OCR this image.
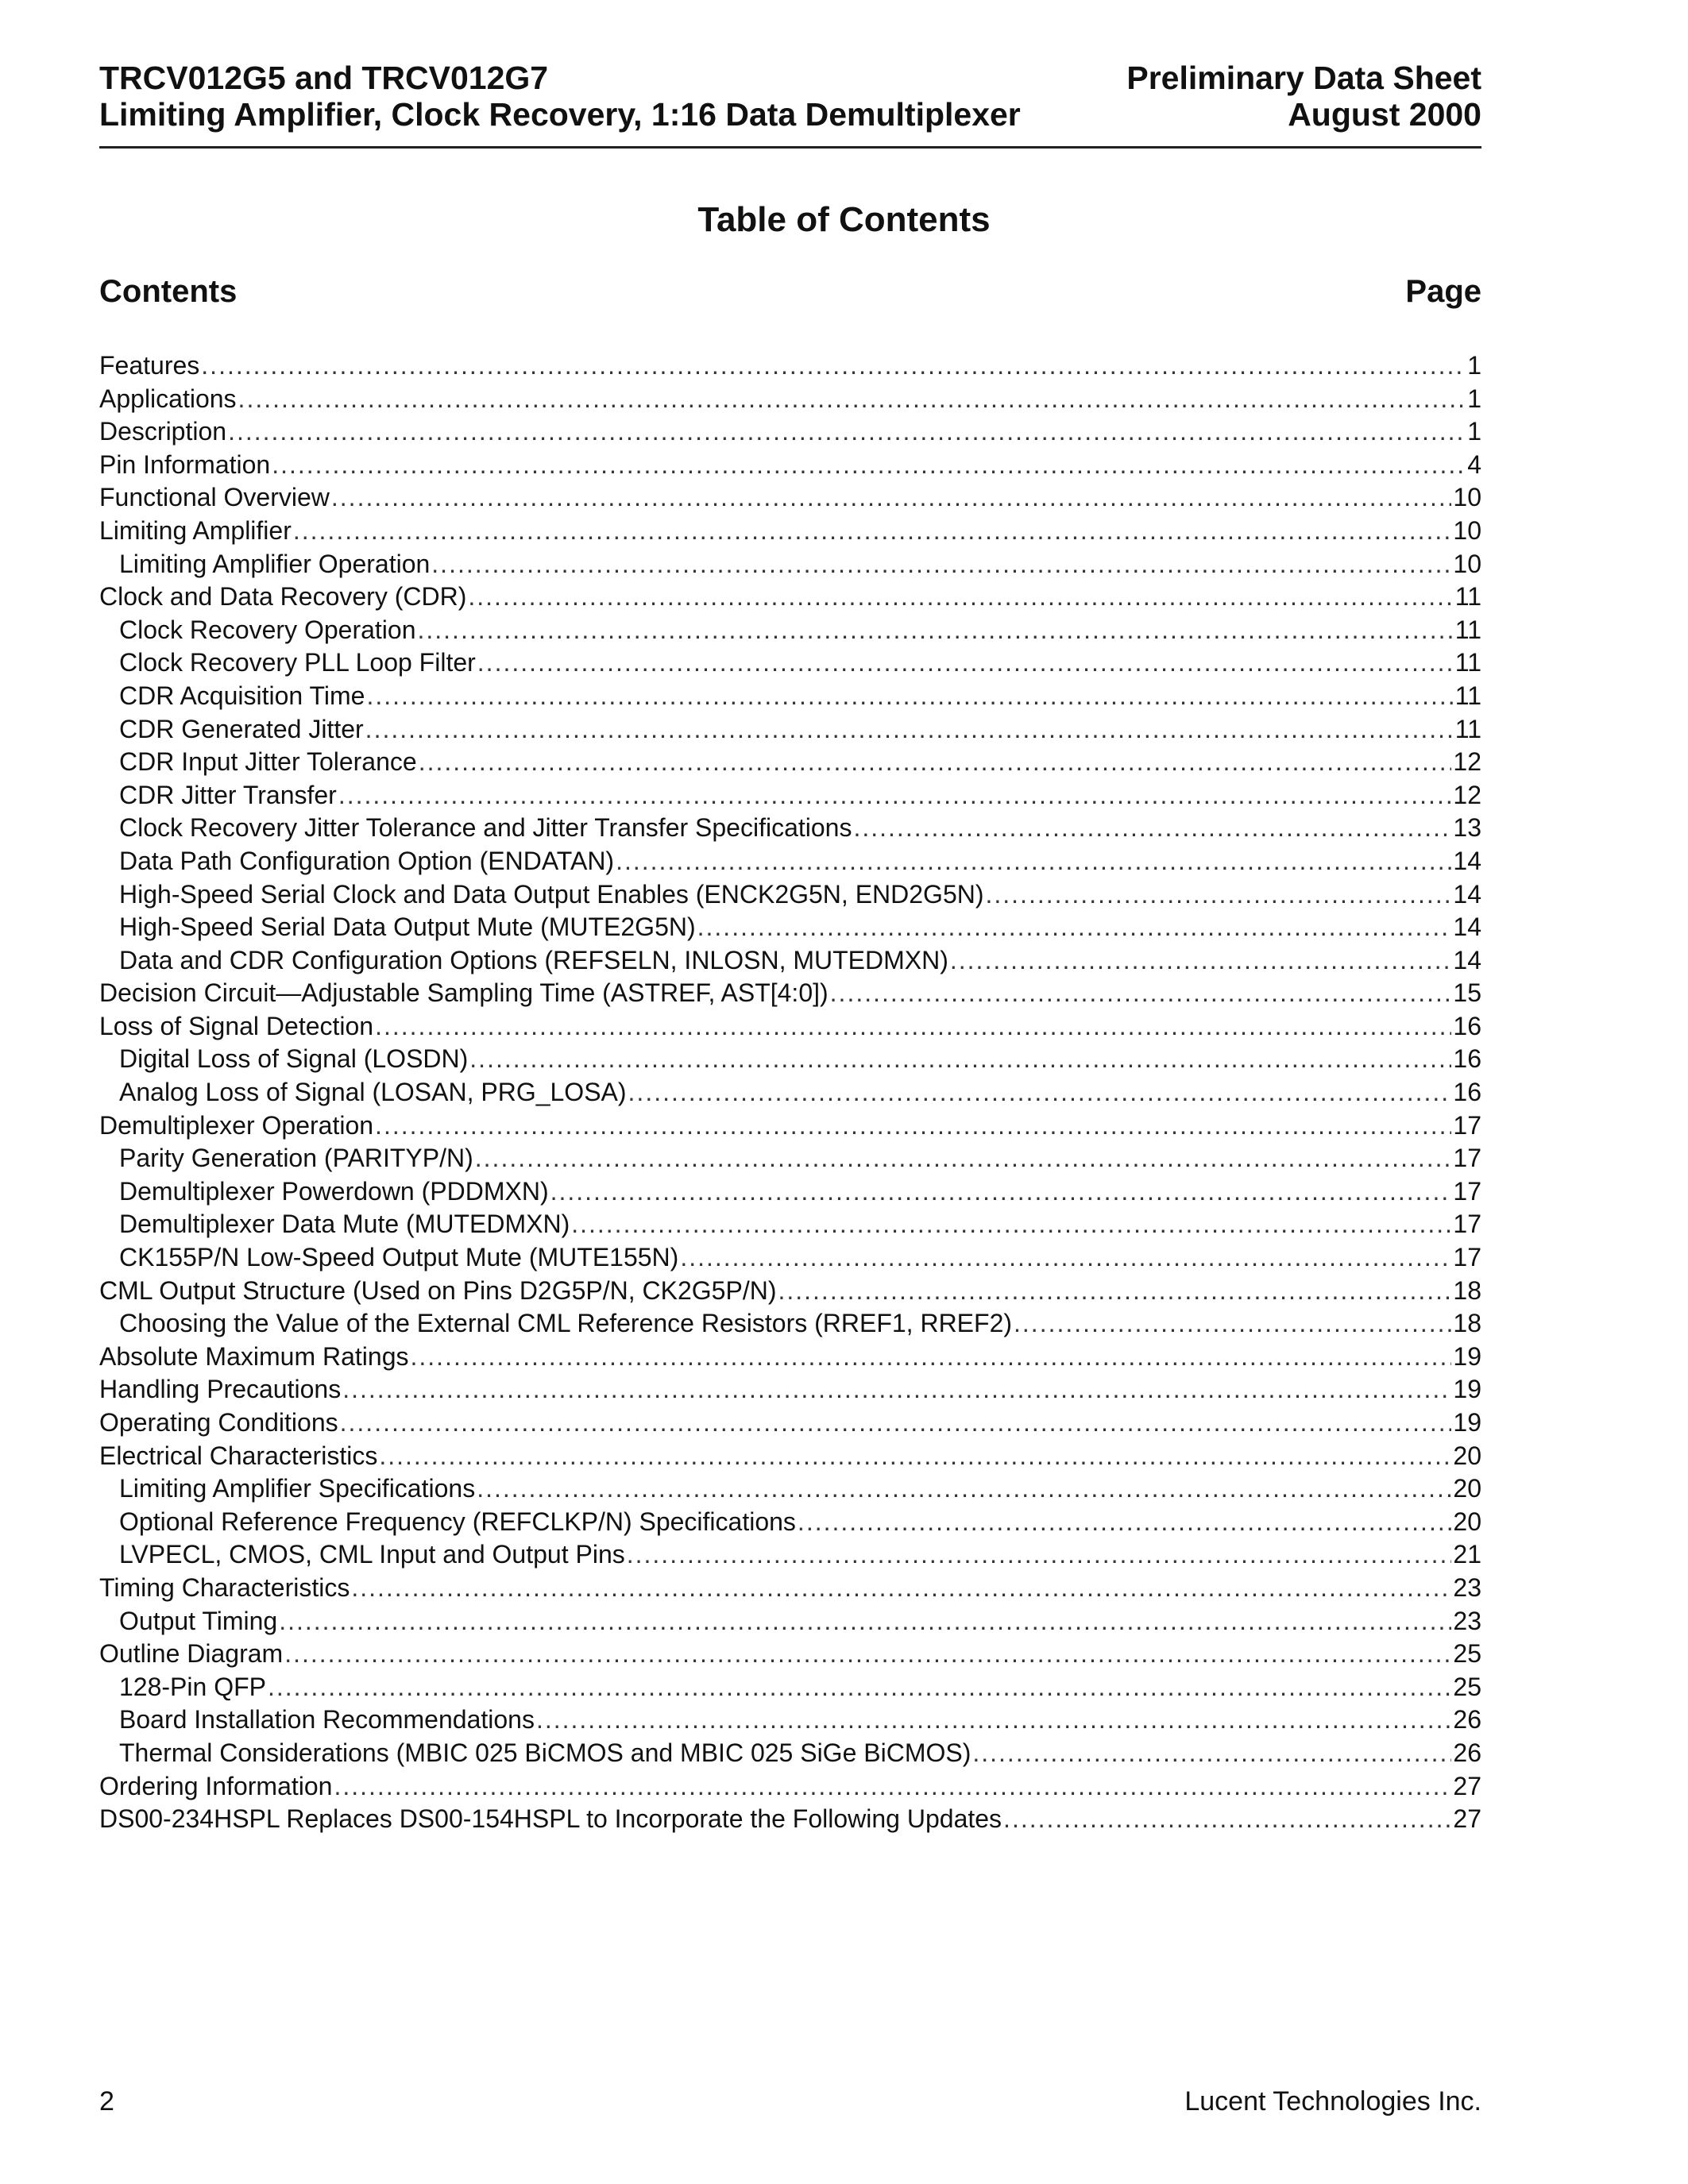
TRCV012G5 and TRCV012G7	Preliminary Data Sheet
Limiting Amplifier, Clock Recovery, 1:16 Data Demultiplexer	August 2000
Table of Contents
Contents	Page
Features .....	1
Applications .....	1
Description .....	1
Pin Information .....	4
Functional Overview .....	10
Limiting Amplifier .....	10
Limiting Amplifier Operation .....	10
Clock and Data Recovery (CDR) .....	11
Clock Recovery Operation .....	11
Clock Recovery PLL Loop Filter .....	11
CDR Acquisition Time .....	11
CDR Generated Jitter .....	11
CDR Input Jitter Tolerance .....	12
CDR Jitter Transfer .....	12
Clock Recovery Jitter Tolerance and Jitter Transfer Specifications .....	13
Data Path Configuration Option (ENDATAN) .....	14
High-Speed Serial Clock and Data Output Enables (ENCK2G5N, END2G5N) .....	14
High-Speed Serial Data Output Mute (MUTE2G5N) .....	14
Data and CDR Configuration Options (REFSELN, INLOSN, MUTEDMXN) .....	14
Decision Circuit—Adjustable Sampling Time (ASTREF, AST[4:0]) .....	15
Loss of Signal Detection .....	16
Digital Loss of Signal (LOSDN) .....	16
Analog Loss of Signal (LOSAN, PRG_LOSA) .....	16
Demultiplexer Operation .....	17
Parity Generation (PARITYP/N) .....	17
Demultiplexer Powerdown (PDDMXN) .....	17
Demultiplexer Data Mute (MUTEDMXN) .....	17
CK155P/N Low-Speed Output Mute (MUTE155N) .....	17
CML Output Structure (Used on Pins D2G5P/N, CK2G5P/N) .....	18
Choosing the Value of the External CML Reference Resistors (RREF1, RREF2) .....	18
Absolute Maximum Ratings .....	19
Handling Precautions .....	19
Operating Conditions .....	19
Electrical Characteristics .....	20
Limiting Amplifier Specifications .....	20
Optional Reference Frequency (REFCLKP/N) Specifications .....	20
LVPECL, CMOS, CML Input and Output Pins .....	21
Timing Characteristics .....	23
Output Timing .....	23
Outline Diagram .....	25
128-Pin QFP .....	25
Board Installation Recommendations .....	26
Thermal Considerations (MBIC 025 BiCMOS and MBIC 025 SiGe BiCMOS) .....	26
Ordering Information .....	27
DS00-234HSPL Replaces DS00-154HSPL to Incorporate the Following Updates .....	27
2	Lucent Technologies Inc.
